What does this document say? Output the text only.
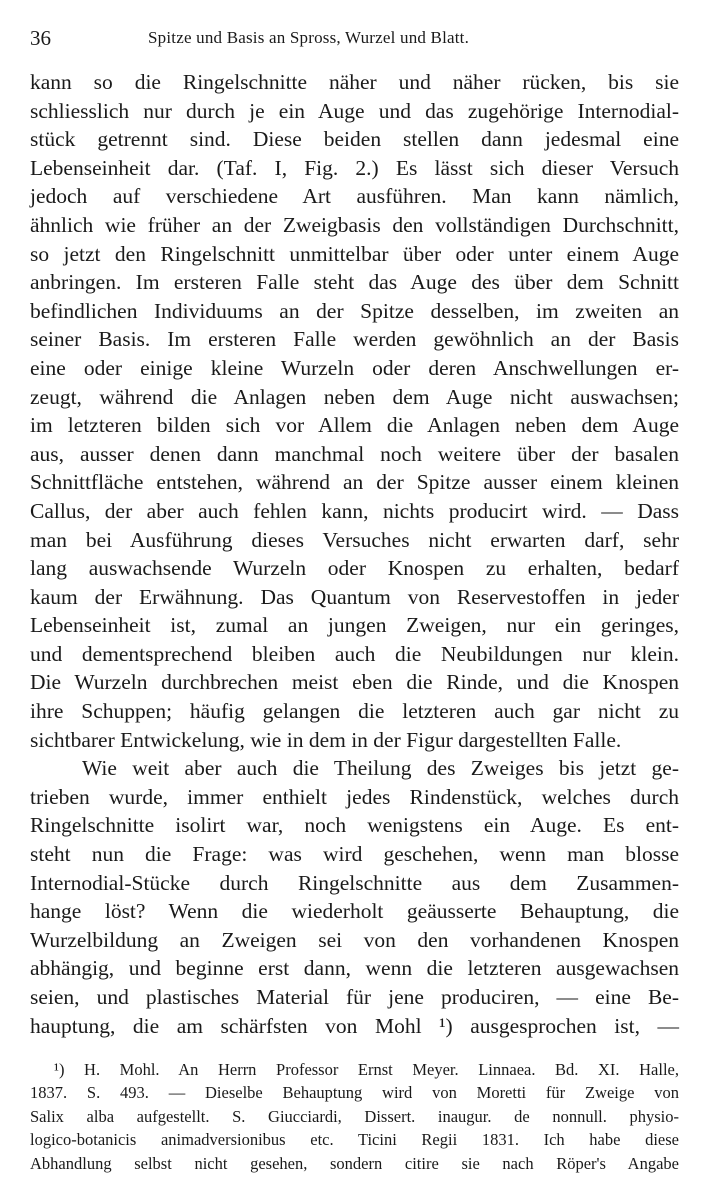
36	Spitze und Basis an Spross, Wurzel und Blatt.
kann so die Ringelschnitte näher und näher rücken, bis sie
schliesslich nur durch je ein Auge und das zugehörige Internodial-
stück getrennt sind. Diese beiden stellen dann jedesmal eine
Lebenseinheit dar. (Taf. I, Fig. 2.) Es lässt sich dieser Versuch
jedoch auf verschiedene Art ausführen. Man kann nämlich,
ähnlich wie früher an der Zweigbasis den vollständigen Durchschnitt,
so jetzt den Ringelschnitt unmittelbar über oder unter einem Auge
anbringen. Im ersteren Falle steht das Auge des über dem Schnitt
befindlichen Individuums an der Spitze desselben, im zweiten an
seiner Basis. Im ersteren Falle werden gewöhnlich an der Basis
eine oder einige kleine Wurzeln oder deren Anschwellungen er-
zeugt, während die Anlagen neben dem Auge nicht auswachsen;
im letzteren bilden sich vor Allem die Anlagen neben dem Auge
aus, ausser denen dann manchmal noch weitere über der basalen
Schnittfläche entstehen, während an der Spitze ausser einem kleinen
Callus, der aber auch fehlen kann, nichts producirt wird. — Dass
man bei Ausführung dieses Versuches nicht erwarten darf, sehr
lang auswachsende Wurzeln oder Knospen zu erhalten, bedarf
kaum der Erwähnung. Das Quantum von Reservestoffen in jeder
Lebenseinheit ist, zumal an jungen Zweigen, nur ein geringes,
und dementsprechend bleiben auch die Neubildungen nur klein.
Die Wurzeln durchbrechen meist eben die Rinde, und die Knospen
ihre Schuppen; häufig gelangen die letzteren auch gar nicht zu
sichtbarer Entwickelung, wie in dem in der Figur dargestellten Falle.
Wie weit aber auch die Theilung des Zweiges bis jetzt ge-
trieben wurde, immer enthielt jedes Rindenstück, welches durch
Ringelschnitte isolirt war, noch wenigstens ein Auge. Es ent-
steht nun die Frage: was wird geschehen, wenn man blosse
Internodial-Stücke durch Ringelschnitte aus dem Zusammen-
hange löst? Wenn die wiederholt geäusserte Behauptung, die
Wurzelbildung an Zweigen sei von den vorhandenen Knospen
abhängig, und beginne erst dann, wenn die letzteren ausgewachsen
seien, und plastisches Material für jene produciren, — eine Be-
hauptung, die am schärfsten von Mohl ¹) ausgesprochen ist, —
¹) H. Mohl. An Herrn Professor Ernst Meyer. Linnaea. Bd. XI. Halle,
1837. S. 493. — Dieselbe Behauptung wird von Moretti für Zweige von
Salix alba aufgestellt. S. Giucciardi, Dissert. inaugur. de nonnull. physio-
logico-botanicis animadversionibus etc. Ticini Regii 1831. Ich habe diese
Abhandlung selbst nicht gesehen, sondern citire sie nach Röper's Angabe
